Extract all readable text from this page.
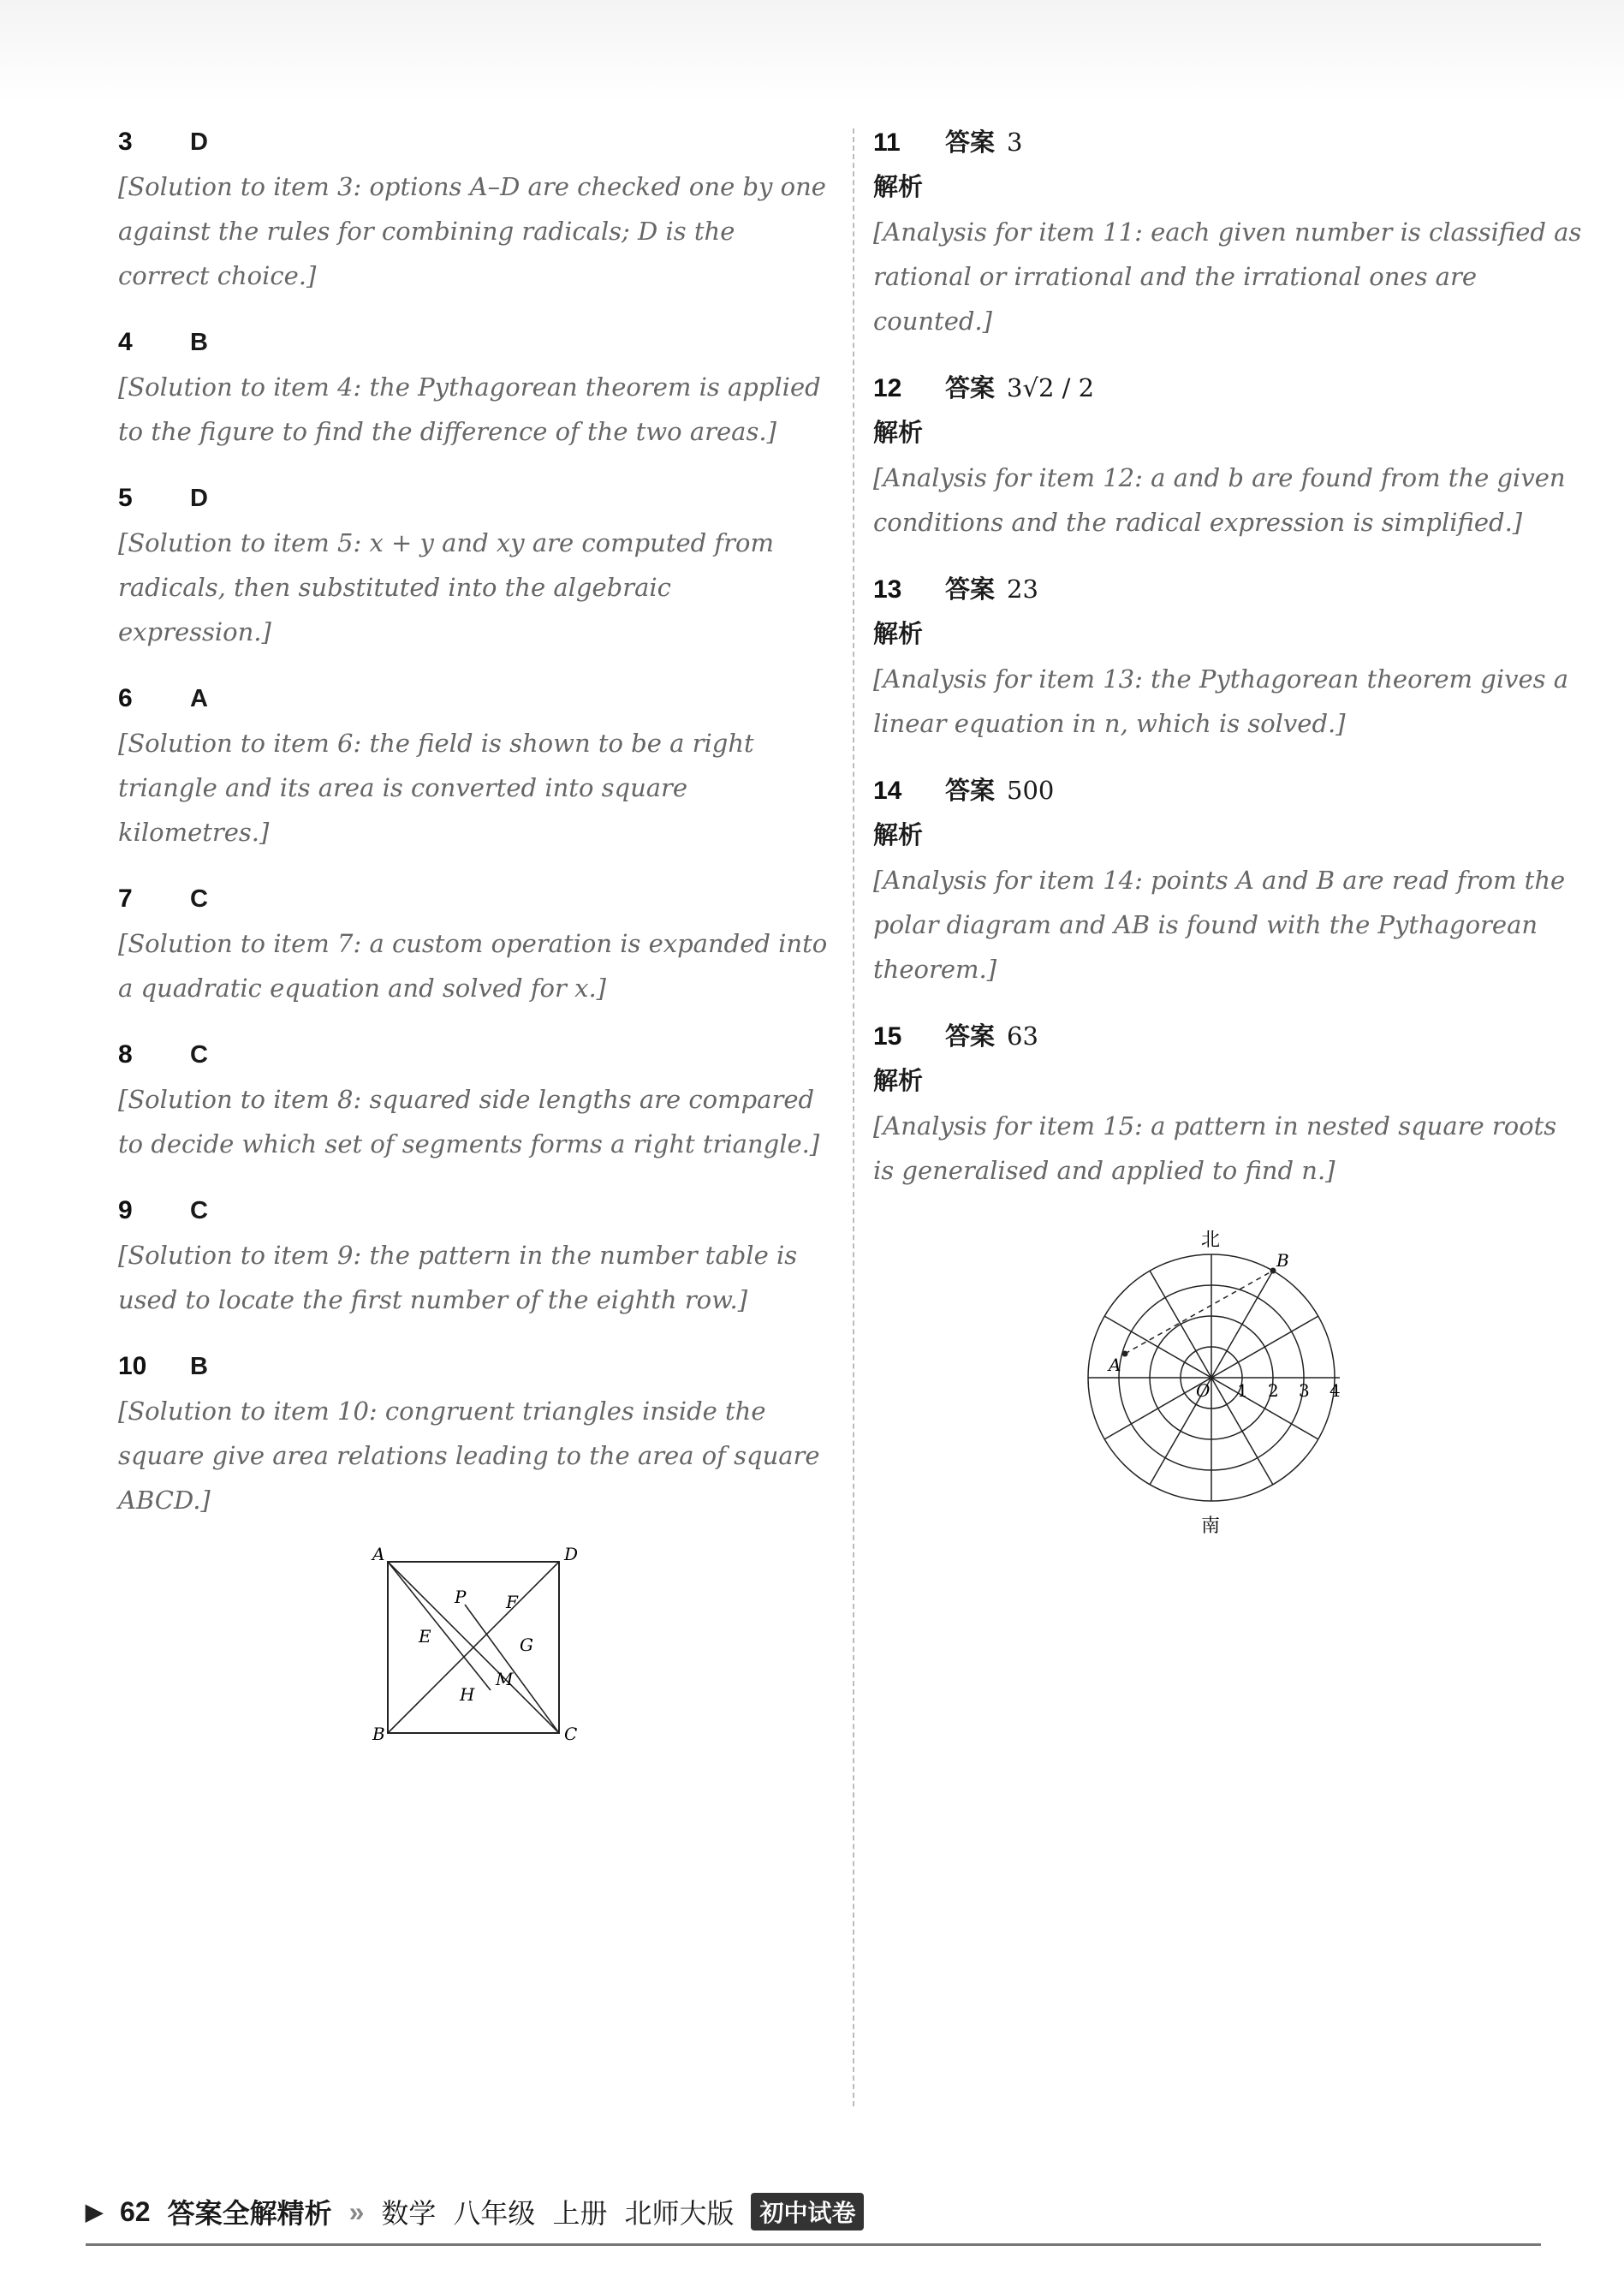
3	D
[Solution to item 3: options A–D are checked one by one against the rules for combining radicals; D is the correct choice.]
4	B
[Solution to item 4: the Pythagorean theorem is applied to the figure to find the difference of the two areas.]
5	D
[Solution to item 5: x + y and xy are computed from radicals, then substituted into the algebraic expression.]
6	A
[Solution to item 6: the field is shown to be a right triangle and its area is converted into square kilometres.]
7	C
[Solution to item 7: a custom operation is expanded into a quadratic equation and solved for x.]
8	C
[Solution to item 8: squared side lengths are compared to decide which set of segments forms a right triangle.]
9	C
[Solution to item 9: the pattern in the number table is used to locate the first number of the eighth row.]
10	B
[Solution to item 10: congruent triangles inside the square give area relations leading to the area of square ABCD.]
A	D
B	C
P F
E	G
H
M
11	答案 3
解析
[Analysis for item 11: each given number is classified as rational or irrational and the irrational ones are counted.]
12	答案 3√2 / 2
解析
[Analysis for item 12: a and b are found from the given conditions and the radical expression is simplified.]
13	答案 23
解析
[Analysis for item 13: the Pythagorean theorem gives a linear equation in n, which is solved.]
14	答案 500
解析
[Analysis for item 14: points A and B are read from the polar diagram and AB is found with the Pythagorean theorem.]
15	答案 63
解析
[Analysis for item 15: a pattern in nested square roots is generalised and applied to find n.]
北
南
B
A
O 1 2 3 4
▶ 62 答案全解精析 » 数学 八年级 上册 北师大版	初中试卷
